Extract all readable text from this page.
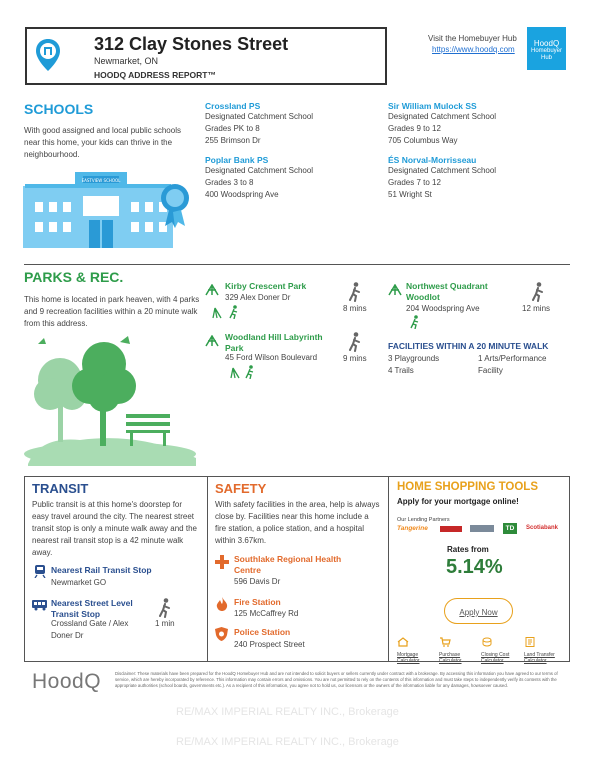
312 Clay Stones Street
Newmarket, ON
HOODQ ADDRESS REPORT™
Visit the Homebuyer Hub
https://www.hoodq.com
HoodQ
Homebuyer
Hub
SCHOOLS
With good assigned and local public schools near this home, your kids can thrive in the neighbourhood.
EASTVIEW SCHOOL
Crossland PS
Designated Catchment School
Grades PK to 8
255 Brimson Dr
Sir William Mulock SS
Designated Catchment School
Grades 9 to 12
705 Columbus Way
Poplar Bank PS
Designated Catchment School
Grades 3 to 8
400 Woodspring Ave
ÉS Norval-Morrisseau
Designated Catchment School
Grades 7 to 12
51 Wright St
PARKS & REC.
This home is located in park heaven, with 4 parks and 9 recreation facilities within a 20 minute walk from this address.
Kirby Crescent Park
329 Alex Doner Dr
8 mins
Northwest Quadrant Woodlot
204 Woodspring Ave	12 mins
Woodland Hill Labyrinth Park
45 Ford Wilson Boulevard	9 mins
FACILITIES WITHIN A 20 MINUTE WALK
3 Playgrounds	1 Arts/Performance Facility
4 Trails
TRANSIT
Public transit is at this home's doorstep for easy travel around the city. The nearest street transit stop is only a minute walk away and the nearest rail transit stop is a 42 minute walk away.
Nearest Rail Transit Stop
Newmarket GO
Nearest Street Level Transit Stop
Crossland Gate / Alex Doner Dr
1 min
SAFETY
With safety facilities in the area, help is always close by. Facilities near this home include a fire station, a police station, and a hospital within 3.67km.
Southlake Regional Health Centre
596 Davis Dr
Fire Station
125 McCaffrey Rd
Police Station
240 Prospect Street
HOME SHOPPING TOOLS
Apply for your mortgage online!
Our Lending Partners
Tangerine	TD	Scotiabank
Rates from
5.14%
Apply Now
Mortgage
Calculator
Purchase
Calculator
Closing Cost
Calculator
Land Transfer
Calculator
HoodQ	Disclaimer: These materials have been prepared for the HoodQ Homebuyer Hub and are not intended to solicit buyers or sellers currently under contract with a brokerage. By accessing this information you have agreed to our terms of service, which are hereby incorporated by reference. This information may contain errors and omissions. You are not permitted to rely on the contents of this information and must take steps to independently verify its contents with the appropriate authorities (school boards, governments etc.). As a recipient of this information, you agree not to hold us, our licensors or the owners of the information liable for any damages, howsoever caused.
RE/MAX IMPERIAL REALTY INC., Brokerage
RE/MAX IMPERIAL REALTY INC., Brokerage
